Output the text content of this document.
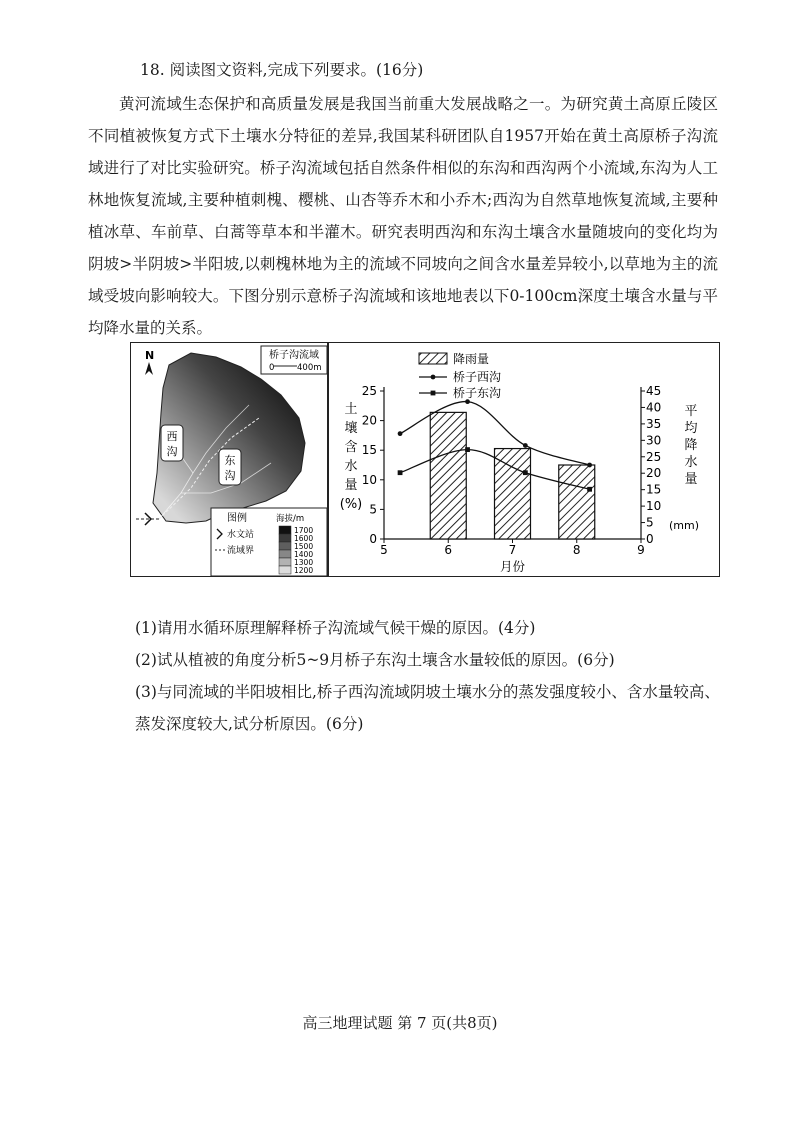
18. 阅读图文资料,完成下列要求。(16分)

黄河流域生态保护和高质量发展是我国当前重大发展战略之一。为研究黄土高原丘陵区不同植被恢复方式下土壤水分特征的差异,我国某科研团队自1957开始在黄土高原桥子沟流域进行了对比实验研究。桥子沟流域包括自然条件相似的东沟和西沟两个小流域,东沟为人工林地恢复流域,主要种植刺槐、樱桃、山杏等乔木和小乔木;西沟为自然草地恢复流域,主要种植冰草、车前草、白蒿等草本和半灌木。研究表明西沟和东沟土壤含水量随坡向的变化均为阴坡>半阴坡>半阳坡,以刺槐林地为主的流域不同坡向之间含水量差异较小,以草地为主的流域受坡向影响较大。下图分别示意桥子沟流域和该地地表以下0-100cm深度土壤含水量与平均降水量的关系。

N	桥子沟流域
0	400m
西
沟
东
沟
图例	海拔/m
水文站
流域界
1700
1600
1500
1400
1300
1200
0
5
10
15
20
25
0
5
10
15
20
25
30
35
40
45
5	6	7	8	9
月份
土
壤
含
水
量
(%)
平
均
降
水
量
(mm)
降雨量
桥子西沟
桥子东沟
(1)请用水循环原理解释桥子沟流域气候干燥的原因。(4分)
(2)试从植被的角度分析5~9月桥子东沟土壤含水量较低的原因。(6分)
(3)与同流域的半阳坡相比,桥子西沟流域阴坡土壤水分的蒸发强度较小、含水量较高、蒸发深度较大,试分析原因。(6分)
高三地理试题 第 7 页(共8页)
